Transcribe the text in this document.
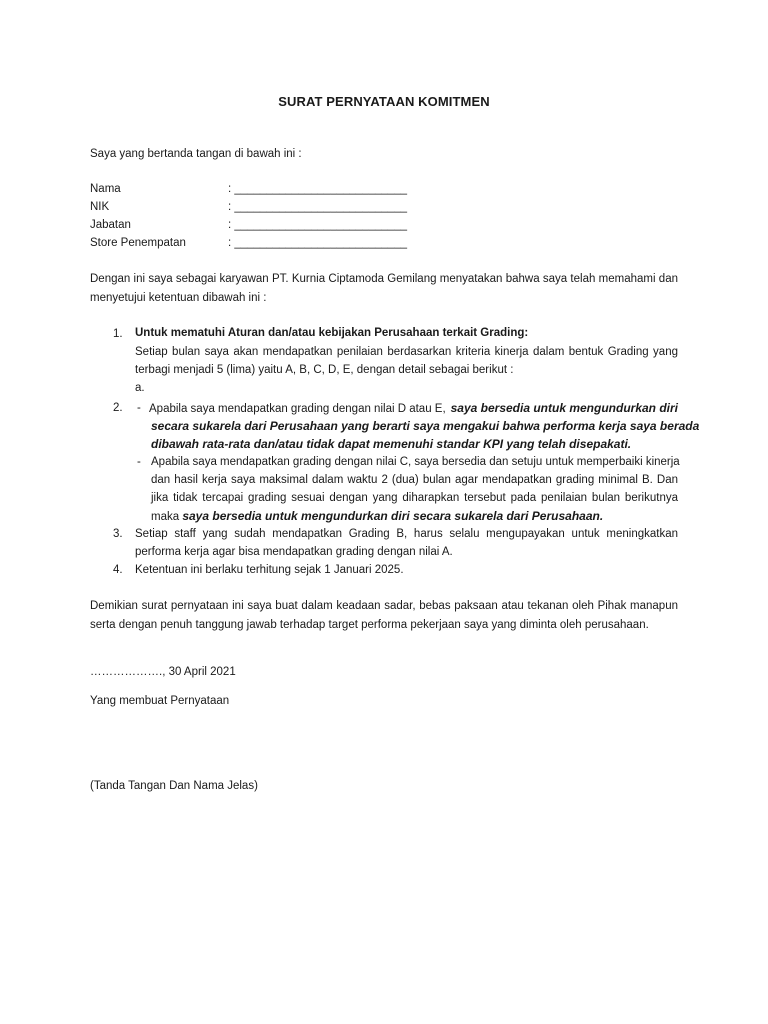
SURAT PERNYATAAN KOMITMEN
Saya yang bertanda tangan di bawah ini :
Nama	: ___________________________
NIK	: ___________________________
Jabatan	: ___________________________
Store Penempatan	: ___________________________
Dengan ini saya sebagai karyawan PT. Kurnia Ciptamoda Gemilang menyatakan bahwa saya telah memahami dan
menyetujui ketentuan dibawah ini :
1. Untuk mematuhi Aturan dan/atau kebijakan Perusahaan terkait Grading:
Setiap bulan saya akan mendapatkan penilaian berdasarkan kriteria kinerja dalam bentuk Grading yang
terbagi menjadi 5 (lima) yaitu A, B, C, D, E, dengan detail sebagai berikut :
a.
2. - Apabila saya mendapatkan grading dengan nilai D atau E, saya bersedia untuk mengundurkan diri
secara sukarela dari Perusahaan yang berarti saya mengakui bahwa performa kerja saya berada
dibawah rata-rata dan/atau tidak dapat memenuhi standar KPI yang telah disepakati.
- Apabila saya mendapatkan grading dengan nilai C, saya bersedia dan setuju untuk memperbaiki kinerja
dan hasil kerja saya maksimal dalam waktu 2 (dua) bulan agar mendapatkan grading minimal B. Dan
jika tidak tercapai grading sesuai dengan yang diharapkan tersebut pada penilaian bulan berikutnya
maka saya bersedia untuk mengundurkan diri secara sukarela dari Perusahaan.
3. Setiap staff yang sudah mendapatkan Grading B, harus selalu mengupayakan untuk meningkatkan
performa kerja agar bisa mendapatkan grading dengan nilai A.
4. Ketentuan ini berlaku terhitung sejak 1 Januari 2025.
Demikian surat pernyataan ini saya buat dalam keadaan sadar, bebas paksaan atau tekanan oleh Pihak manapun
serta dengan penuh tanggung jawab terhadap target performa pekerjaan saya yang diminta oleh perusahaan.
………………., 30 April 2021
Yang membuat Pernyataan
(Tanda Tangan Dan Nama Jelas)
